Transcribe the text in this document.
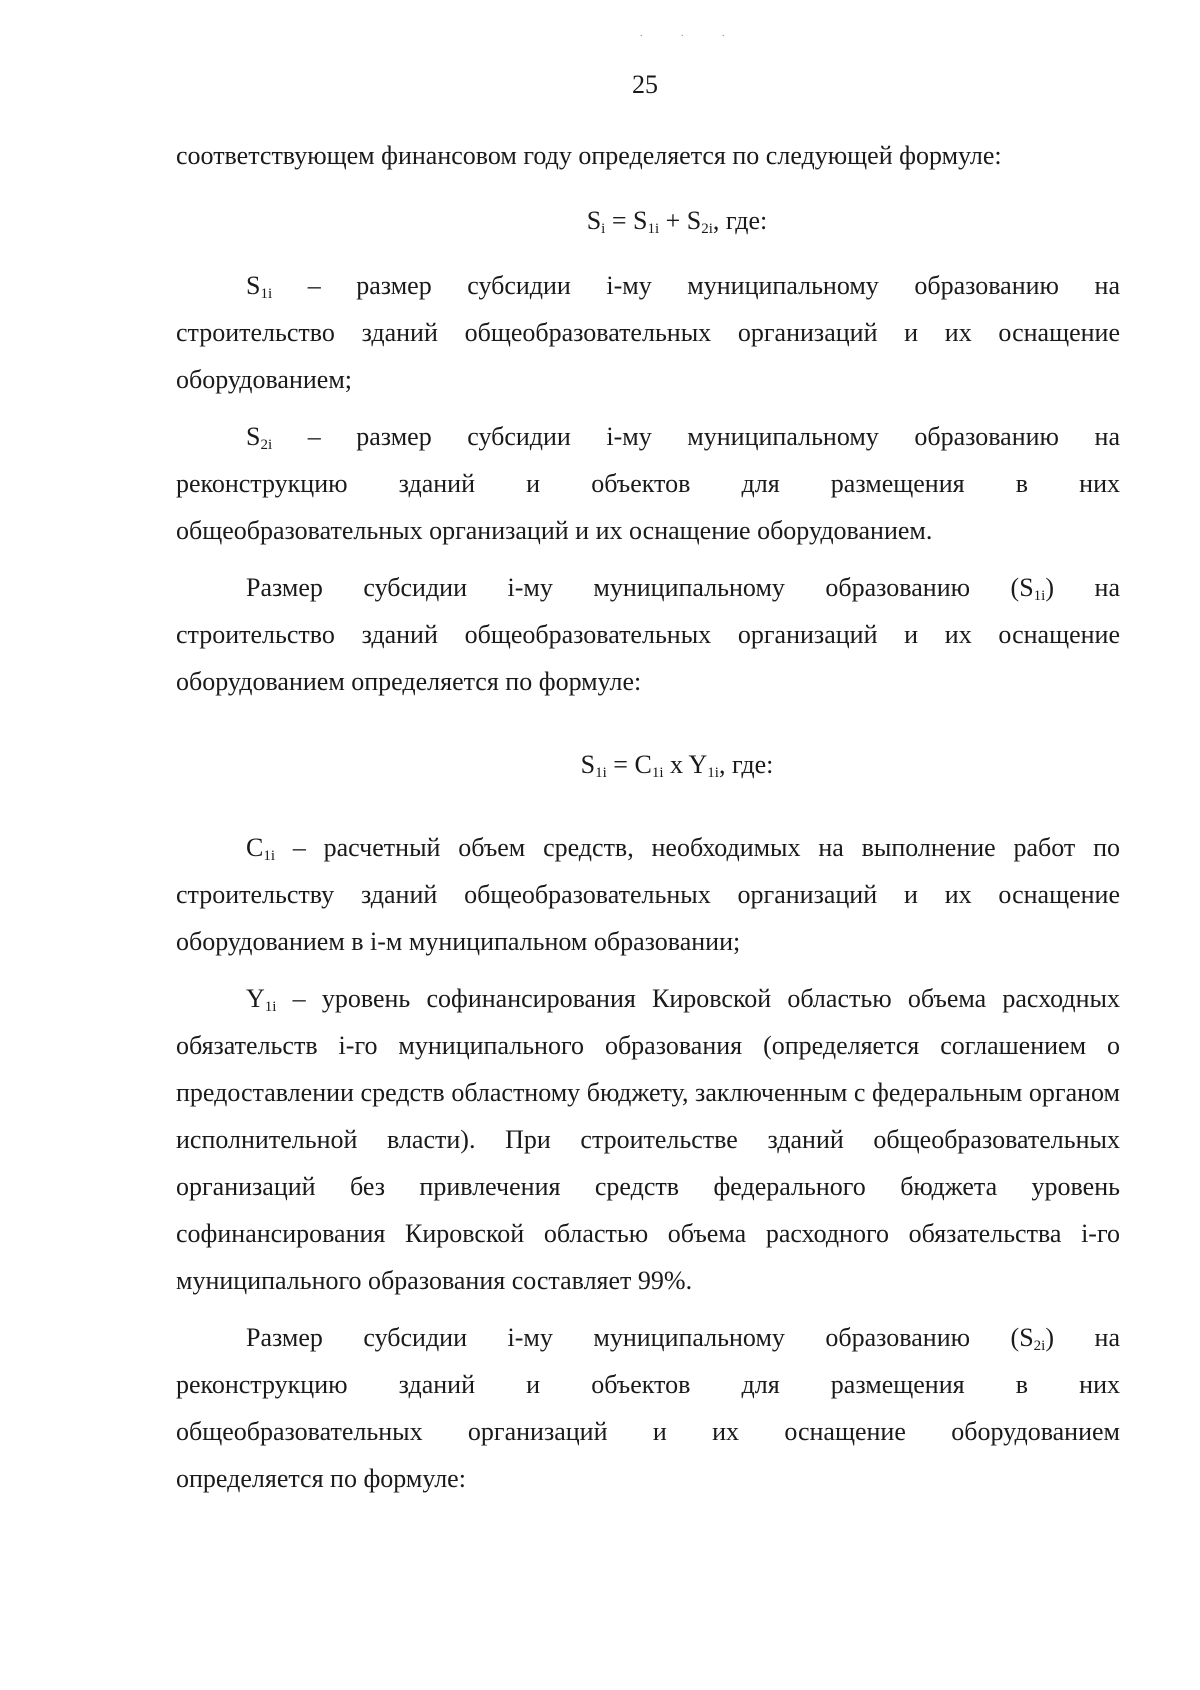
. . .
25

соответствующем финансовом году определяется по следующей формуле:

$S_i = S_{1i} + S_{2i}$, где:

$S_{1i}$ – размер субсидии i-му муниципальному образованию на

строительство зданий общеобразовательных организаций и их оснащение оборудованием;

$S_{2i}$ – размер субсидии i-му муниципальному образованию на

реконструкцию зданий и объектов для размещения в них

общеобразовательных организаций и их оснащение оборудованием.

Размер субсидии i-му муниципальному образованию $(S_{1i})$ на

строительство зданий общеобразовательных организаций и их оснащение оборудованием определяется по формуле:

$S_{1i} = C_{1i}$ x $Y_{1i}$, где:

$C_{1i}$ – расчетный объем средств, необходимых на выполнение работ по строительству зданий общеобразовательных организаций и их оснащение оборудованием в i-м муниципальном образовании;

$Y_{1i}$ – уровень софинансирования Кировской областью объема расходных обязательств i-го муниципального образования (определяется соглашением о предоставлении средств областному бюджету, заключенным с федеральным органом исполнительной власти). При строительстве зданий общеобразовательных организаций без привлечения средств федерального бюджета уровень софинансирования Кировской областью объема расходного обязательства i-го муниципального образования составляет 99%.

Размер субсидии i-му муниципальному образованию $(S_{2i})$ на

реконструкцию зданий и объектов для размещения в них

общеобразовательных организаций и их оснащение оборудованием

определяется по формуле:
